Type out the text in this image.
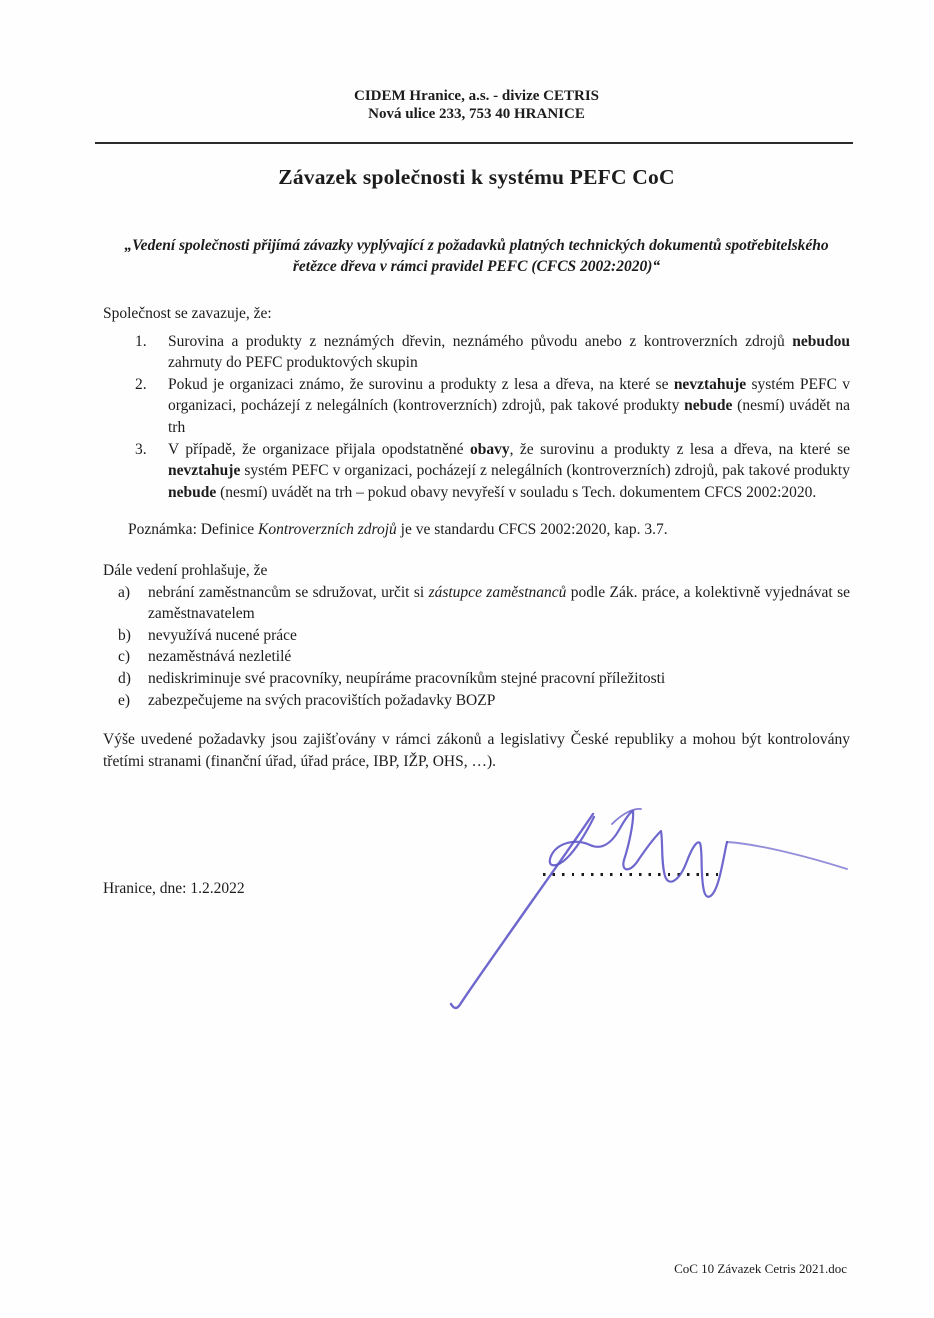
CIDEM Hranice, a.s. - divize CETRIS
Nová ulice 233, 753 40 HRANICE
Závazek společnosti k systému PEFC CoC

„Vedení společnosti přijímá závazky vyplývající z požadavků platných technických dokumentů spotřebitelského řetězce dřeva v rámci pravidel PEFC (CFCS 2002:2020)“

Společnost se zavazuje, že:

1.	Surovina a produkty z neznámých dřevin, neznámého původu anebo z kontroverzních zdrojů nebudou zahrnuty do PEFC produktových skupin
2.	Pokud je organizaci známo, že surovinu a produkty z lesa a dřeva, na které se nevztahuje systém PEFC v organizaci, pocházejí z nelegálních (kontroverzních) zdrojů, pak takové produkty nebude (nesmí) uvádět na trh
3.	V případě, že organizace přijala opodstatněné obavy, že surovinu a produkty z lesa a dřeva, na které se nevztahuje systém PEFC v organizaci, pocházejí z nelegálních (kontroverzních) zdrojů, pak takové produkty nebude (nesmí) uvádět na trh – pokud obavy nevyřeší v souladu s Tech. dokumentem CFCS 2002:2020.

Poznámka: Definice Kontroverzních zdrojů je ve standardu CFCS 2002:2020, kap. 3.7.

Dále vedení prohlašuje, že

a)	nebrání zaměstnancům se sdružovat, určit si zástupce zaměstnanců podle Zák. práce, a kolektivně vyjednávat se zaměstnavatelem
b)	nevyužívá nucené práce
c)	nezaměstnává nezletilé
d)	nediskriminuje své pracovníky, neupíráme pracovníkům stejné pracovní příležitosti
e)	zabezpečujeme na svých pracovištích požadavky BOZP

Výše uvedené požadavky jsou zajišťovány v rámci zákonů a legislativy České republiky a mohou být kontrolovány třetími stranami (finanční úřad, úřad práce, IBP, IŽP, OHS, …).

Hranice, dne: 1.2.2022
CoC 10 Závazek Cetris 2021.doc
